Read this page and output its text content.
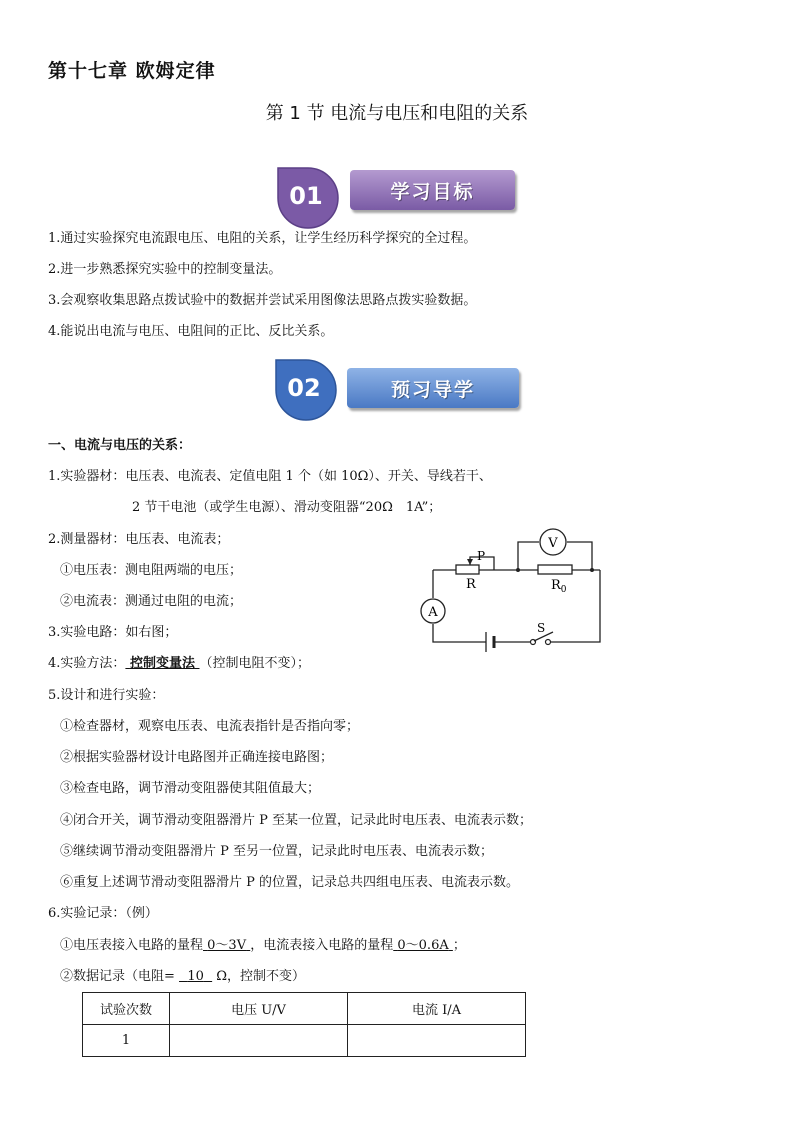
第十七章 欧姆定律
第 1 节 电流与电压和电阻的关系
01	学习目标
1.通过实验探究电流跟电压、电阻的关系，让学生经历科学探究的全过程。
2.进一步熟悉探究实验中的控制变量法。
3.会观察收集思路点拨试验中的数据并尝试采用图像法思路点拨实验数据。
4.能说出电流与电压、电阻间的正比、反比关系。
02	预习导学
一、电流与电压的关系：
1.实验器材：电压表、电流表、定值电阻 1 个（如 10Ω）、开关、导线若干、
2 节干电池（或学生电源）、滑动变阻器“20Ω　1A”；
2.测量器材：电压表、电流表；
①电压表：测电阻两端的电压；
②电流表：测通过电阻的电流；
3.实验电路：如右图；
4.实验方法： 控制变量法 （控制电阻不变）；
5.设计和进行实验：
①检查器材，观察电压表、电流表指针是否指向零；
②根据实验器材设计电路图并正确连接电路图；
③检查电路，调节滑动变阻器使其阻值最大；
④闭合开关，调节滑动变阻器滑片 P 至某一位置，记录此时电压表、电流表示数；
⑤继续调节滑动变阻器滑片 P 至另一位置，记录此时电压表、电流表示数；
⑥重复上述调节滑动变阻器滑片 P 的位置，记录总共四组电压表、电流表示数。
6.实验记录：（例）
①电压表接入电路的量程 0～3V ，电流表接入电路的量程 0～0.6A ；
②数据记录（电阻= 10 Ω，控制不变）
试验次数	电压 U/V	电流 I/A
1		
V
A
P
R	$R_0$
S
